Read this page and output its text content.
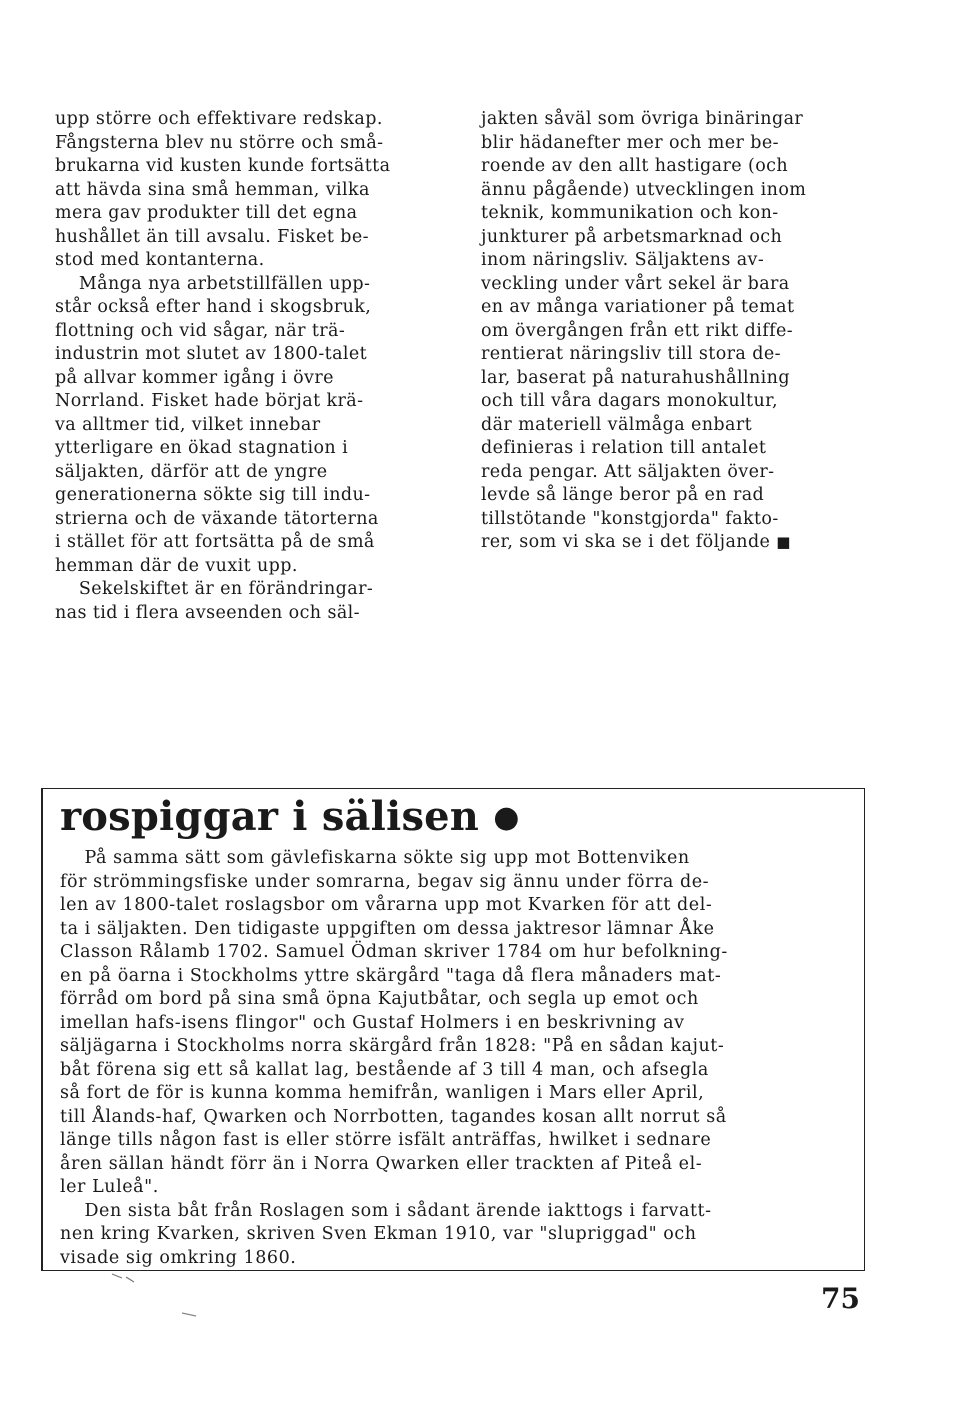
upp större och effektivare redskap.
Fångsterna blev nu större och små-
brukarna vid kusten kunde fortsätta
att hävda sina små hemman, vilka
mera gav produkter till det egna
hushållet än till avsalu. Fisket be-
stod med kontanterna.
Många nya arbetstillfällen upp-
står också efter hand i skogsbruk,
flottning och vid sågar, när trä-
industrin mot slutet av 1800-talet
på allvar kommer igång i övre
Norrland. Fisket hade börjat krä-
va alltmer tid, vilket innebar
ytterligare en ökad stagnation i
säljakten, därför att de yngre
generationerna sökte sig till indu-
strierna och de växande tätorterna
i stället för att fortsätta på de små
hemman där de vuxit upp.
Sekelskiftet är en förändringar-
nas tid i flera avseenden och säl-
jakten såväl som övriga binäringar
blir hädanefter mer och mer be-
roende av den allt hastigare (och
ännu pågående) utvecklingen inom
teknik, kommunikation och kon-
junkturer på arbetsmarknad och
inom näringsliv. Säljaktens av-
veckling under vårt sekel är bara
en av många variationer på temat
om övergången från ett rikt diffe-
rentierat näringsliv till stora de-
lar, baserat på naturahushållning
och till våra dagars monokultur,
där materiell välmåga enbart
definieras i relation till antalet
reda pengar. Att säljakten över-
levde så länge beror på en rad
tillstötande "konstgjorda" fakto-
rer, som vi ska se i det följande ■
rospiggar i sälisen ●
På samma sätt som gävlefiskarna sökte sig upp mot Bottenviken
för strömmingsfiske under somrarna, begav sig ännu under förra de-
len av 1800-talet roslagsbor om vårarna upp mot Kvarken för att del-
ta i säljakten. Den tidigaste uppgiften om dessa jaktresor lämnar Åke
Classon Rålamb 1702. Samuel Ödman skriver 1784 om hur befolkning-
en på öarna i Stockholms yttre skärgård "taga då flera månaders mat-
förråd om bord på sina små öpna Kajutbåtar, och segla up emot och
imellan hafs-isens flingor" och Gustaf Holmers i en beskrivning av
säljägarna i Stockholms norra skärgård från 1828: "På en sådan kajut-
båt förena sig ett så kallat lag, bestående af 3 till 4 man, och afsegla
så fort de för is kunna komma hemifrån, wanligen i Mars eller April,
till Ålands-haf, Qwarken och Norrbotten, tagandes kosan allt norrut så
länge tills någon fast is eller större isfält anträffas, hwilket i sednare
åren sällan händt förr än i Norra Qwarken eller trackten af Piteå el-
ler Luleå".
Den sista båt från Roslagen som i sådant ärende iakttogs i farvatt-
nen kring Kvarken, skriven Sven Ekman 1910, var "slupriggad" och
visade sig omkring 1860.
75
